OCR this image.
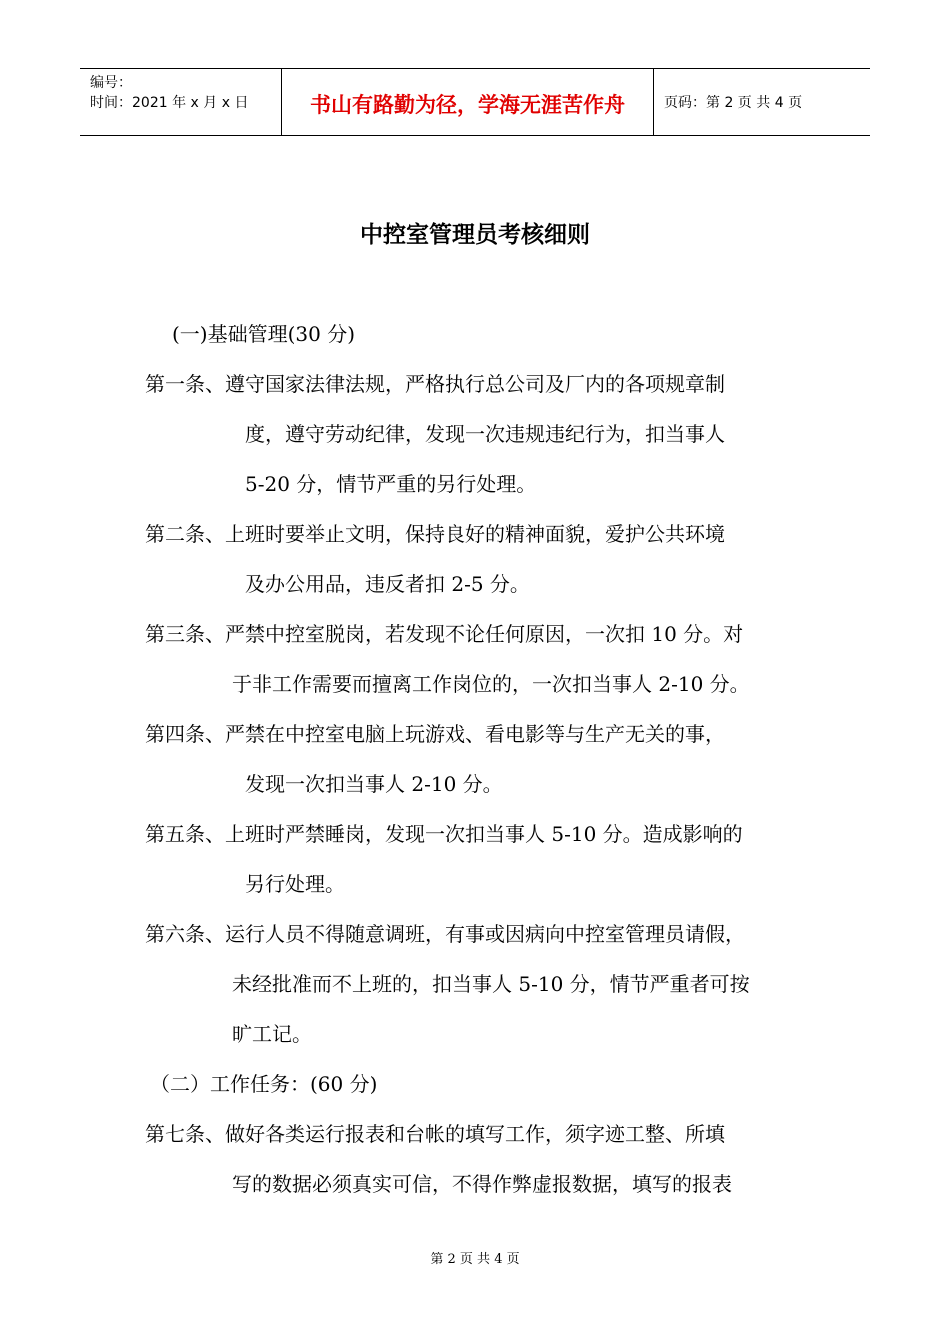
编号：
时间：2021 年 x 月 x 日	书山有路勤为径，学海无涯苦作舟	页码：第 2 页 共 4 页
中控室管理员考核细则
(一)基础管理(30 分)
第一条、遵守国家法律法规，严格执行总公司及厂内的各项规章制
度，遵守劳动纪律，发现一次违规违纪行为，扣当事人
5-20 分，情节严重的另行处理。
第二条、上班时要举止文明，保持良好的精神面貌，爱护公共环境
及办公用品，违反者扣 2-5 分。
第三条、严禁中控室脱岗，若发现不论任何原因，一次扣 10 分。对
于非工作需要而擅离工作岗位的，一次扣当事人 2-10 分。
第四条、严禁在中控室电脑上玩游戏、看电影等与生产无关的事，
发现一次扣当事人 2-10 分。
第五条、上班时严禁睡岗，发现一次扣当事人 5-10 分。造成影响的
另行处理。
第六条、运行人员不得随意调班，有事或因病向中控室管理员请假，
未经批准而不上班的，扣当事人 5-10 分，情节严重者可按
旷工记。
（二）工作任务：(60 分)
第七条、做好各类运行报表和台帐的填写工作，须字迹工整、所填
写的数据必须真实可信，不得作弊虚报数据，填写的报表
第 2 页 共 4 页
